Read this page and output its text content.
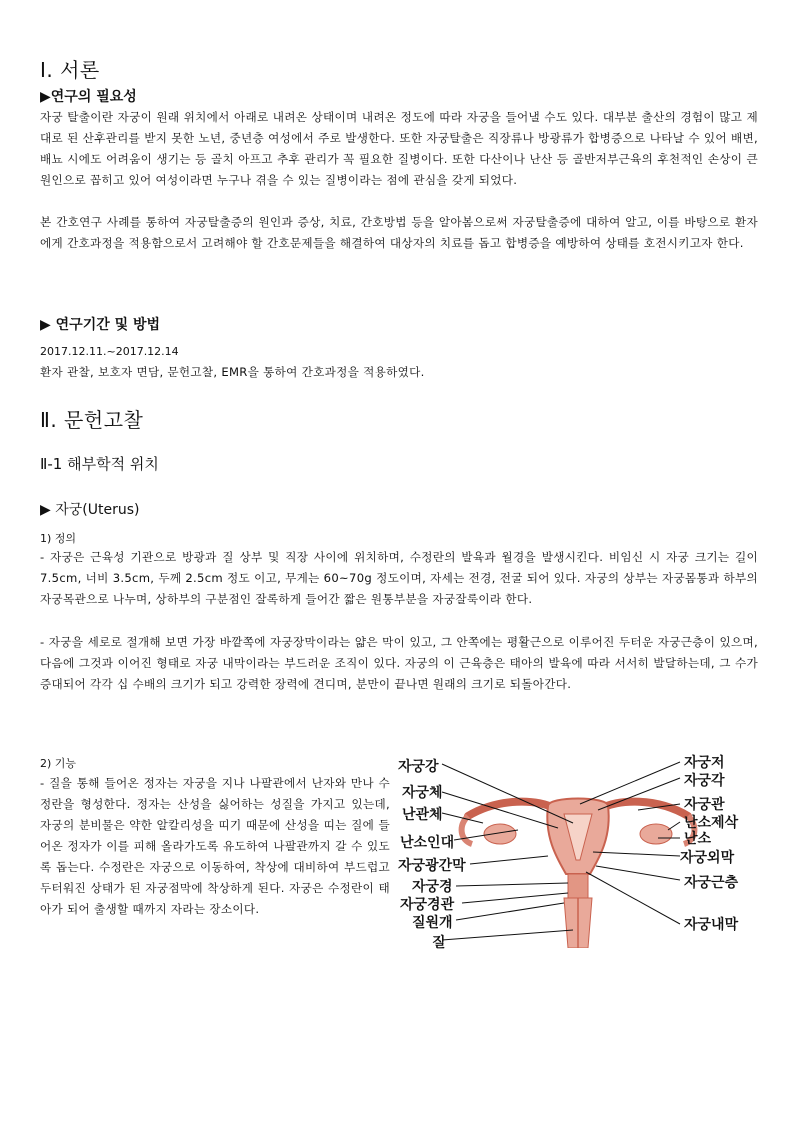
Ⅰ. 서론
▶연구의 필요성
자궁 탈출이란 자궁이 원래 위치에서 아래로 내려온 상태이며 내려온 정도에 따라 자궁을 들어낼 수도 있다. 대부분 출산의 경험이 많고 제대로 된 산후관리를 받지 못한 노년, 중년층 여성에서 주로 발생한다. 또한 자궁탈출은 직장류나 방광류가 합병증으로 나타날 수 있어 배변, 배뇨 시에도 어려움이 생기는 등 골치 아프고 추후 관리가 꼭 필요한 질병이다. 또한 다산이나 난산 등 골반저부근육의 후천적인 손상이 큰 원인으로 꼽히고 있어 여성이라면 누구나 겪을 수 있는 질병이라는 점에 관심을 갖게 되었다.
본 간호연구 사례를 통하여 자궁탈출증의 원인과 증상, 치료, 간호방법 등을 알아봄으로써 자궁탈출증에 대하여 알고, 이를 바탕으로 환자에게 간호과정을 적용함으로서 고려해야 할 간호문제들을 해결하여 대상자의 치료를 돕고 합병증을 예방하여 상태를 호전시키고자 한다.
▶ 연구기간 및 방법
2017.12.11.~2017.12.14
환자 관찰, 보호자 면담, 문헌고찰, EMR을 통하여 간호과정을 적용하였다.
Ⅱ. 문헌고찰
Ⅱ-1 해부학적 위치
▶ 자궁(Uterus)
1) 정의
- 자궁은 근육성 기관으로 방광과 질 상부 및 직장 사이에 위치하며, 수정란의 발육과 월경을 발생시킨다. 비임신 시 자궁 크기는 길이 7.5cm, 너비 3.5cm, 두께 2.5cm 정도 이고, 무게는 60~70g 정도이며, 자세는 전경, 전굴 되어 있다. 자궁의 상부는 자궁몸통과 하부의 자궁목관으로 나누며, 상하부의 구분점인 잘록하게 들어간 짧은 원통부분을 자궁잘룩이라 한다.
- 자궁을 세로로 절개해 보면 가장 바깥쪽에 자궁장막이라는 얇은 막이 있고, 그 안쪽에는 평활근으로 이루어진 두터운 자궁근층이 있으며, 다음에 그것과 이어진 형태로 자궁 내막이라는 부드러운 조직이 있다. 자궁의 이 근육층은 태아의 발육에 따라 서서히 발달하는데, 그 수가 증대되어 각각 십 수배의 크기가 되고 강력한 장력에 견디며, 분만이 끝나면 원래의 크기로 되돌아간다.
2) 기능
- 질을 통해 들어온 정자는 자궁을 지나 나팔관에서 난자와 만나 수정란을 형성한다. 정자는 산성을 싫어하는 성질을 가지고 있는데, 자궁의 분비물은 약한 알칼리성을 띠기 때문에 산성을 띠는 질에 들어온 정자가 이를 피해 올라가도록 유도하여 나팔관까지 갈 수 있도록 돕는다. 수정란은 자궁으로 이동하여, 착상에 대비하여 부드럽고 두터워진 상태가 된 자궁점막에 착상하게 된다. 자궁은 수정란이 태아가 되어 출생할 때까지 자라는 장소이다.
자궁강
자궁체
난관체
난소인대
자궁광간막
자궁경
자궁경관
질원개
질
자궁저
자궁각
자궁관
난소제삭
난소
자궁외막
자궁근층
자궁내막
